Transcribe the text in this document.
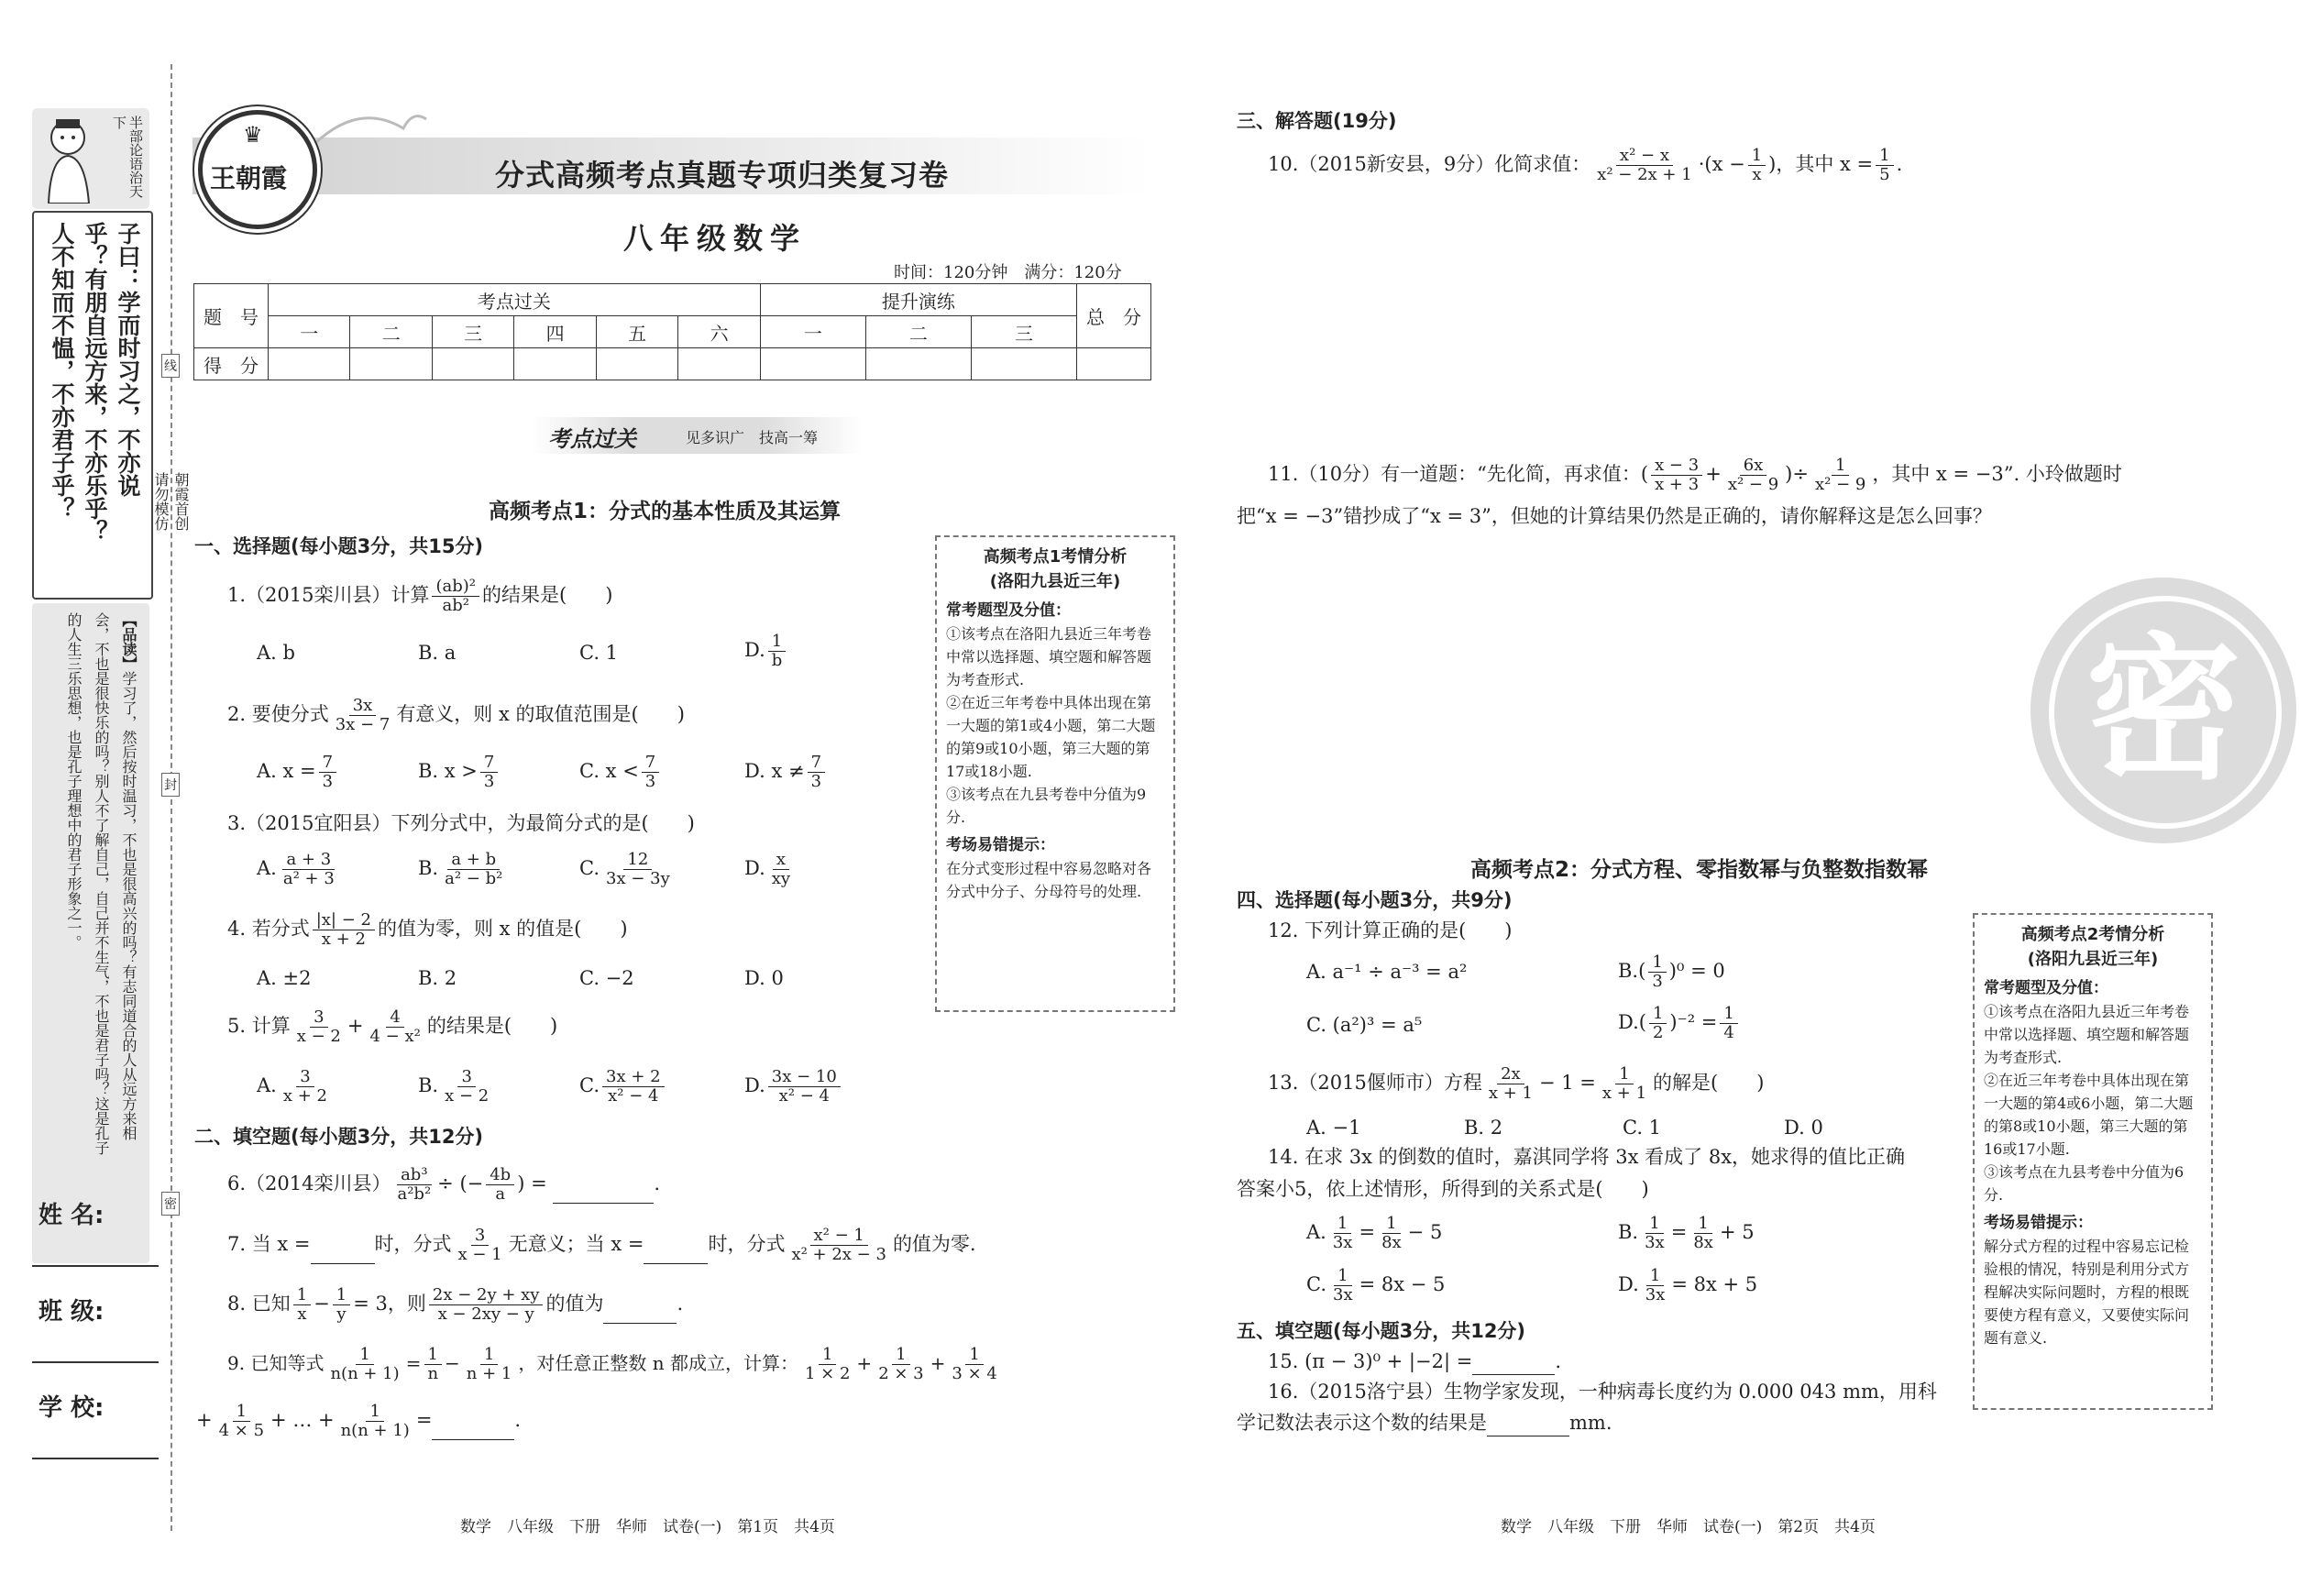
半部论语治天下
子曰：学而时习之，不亦说
乎？有朋自远方来，不亦乐乎？
人不知而不愠，不亦君子乎？
【品读】学习了，然后按时温习，不也是很高兴的吗？有志同道合的人从远方来相
会，不也是很快乐的吗？别人不了解自己，自己并不生气，不也是君子吗？这是孔子
的人生三乐思想，也是孔子理想中的君子形象之一。
朝霞首创
请勿模仿
线
封
密
姓 名:
班 级:
学 校:
♛
王朝霞	分式高频考点真题专项归类复习卷
八年级数学
时间：120分钟　满分：120分
题　号	考点过关						提升演练			总　分
	一	二	三	四	五	六	一	二	三	
得　分										
考点过关	见多识广　技高一筹
高频考点1：分式的基本性质及其运算
一、选择题(每小题3分，共15分)
1.（2015栾川县）计算 $\frac{\text{(ab)²}}{\text{ab²}}$ 的结果是(　　)
A. b	B. a	C. 1	D. $\frac{1}{b}$
2. 要使分式 $\frac{3x}{3x - 7}$ 有意义，则 x 的取值范围是(　　)
A. $x = \frac{7}{3}$	B. $x > \frac{7}{3}$	C. $x < \frac{7}{3}$	D. $x \ne \frac{7}{3}$
3.（2015宜阳县）下列分式中，为最简分式的是(　　)
A. $\frac{a + 3}{\text{a² + 3}}$	B. $\frac{a + b}{\text{a² − b²}}$	C. $\frac{12}{3x - 3y}$	D. $\frac{x}{xy}$
4. 若分式 $\frac{|x| - 2}{x + 2}$ 的值为零，则 x 的值是(　　)
A. ±2	B. 2	C. −2	D. 0
5. 计算 $\frac{3}{x - 2} + \frac{4}{\text{4 − x²}}$ 的结果是(　　)
A. $\frac{3}{x + 2}$	B. $\frac{3}{x - 2}$	C. $\frac{3x + 2}{\text{x² − 4}}$	D. $\frac{3x - 10}{\text{x² − 4}}$
二、填空题(每小题3分，共12分)
6.（2014栾川县） $\frac{\text{ab³}}{\text{a²b²}}$ ÷ (− $\frac{4b}{a}$ ) =	.
7. 当 x =	时，分式 $\frac{3}{x - 1}$ 无意义；当 x =	时，分式 $\frac{\text{x² − 1}}{\text{x² + 2x − 3}}$ 的值为零.
8. 已知 $\frac{1}{x} - \frac{1}{y} = 3$，则 $\frac{2x - 2y + xy}{x - 2xy - y}$ 的值为	.
9. 已知等式 $\frac{1}{n(n + 1)} = \frac{1}{n} - \frac{1}{n + 1}$ ，对任意正整数 n 都成立，计算： $\frac{1}{1 \times 2} + \frac{1}{2 \times 3} + \frac{1}{3 \times 4}$
+ $\frac{1}{4 \times 5}$ + … + $\frac{1}{n(n + 1)}$ =	.
高频考点1考情分析
(洛阳九县近三年)
常考题型及分值：
①该考点在洛阳九县近三年考卷中常以选择题、填空题和解答题为考查形式.
②在近三年考卷中具体出现在第一大题的第1或4小题，第二大题的第9或10小题，第三大题的第17或18小题.
③该考点在九县考卷中分值为9分.
考场易错提示：
在分式变形过程中容易忽略对各分式中分子、分母符号的处理.
三、解答题(19分)
10.（2015新安县，9分）化简求值： $\frac{\text{x² − x}}{\text{x² − 2x + 1}} \cdot(x - \frac{1}{x}$ )，其中 $x = \frac{1}{5}$ .
11.（10分）有一道题：“先化简，再求值：( $\frac{x - 3}{x + 3} + \frac{6x}{\text{x² − 9}}$ )÷ $\frac{1}{\text{x² − 9}}$ ，其中 x = −3”. 小玲做题时
把“x = −3”错抄成了“x = 3”，但她的计算结果仍然是正确的，请你解释这是怎么回事？
密
高频考点2：分式方程、零指数幂与负整数指数幂
四、选择题(每小题3分，共9分)
12. 下列计算正确的是(　　)
A. a⁻¹ ÷ a⁻³ = a²	$B.( \frac{1}{3} )^0 = 0$
C. (a²)³ = a⁵	$D.( \frac{1}{2} )^{-2} = \frac{1}{4}$
13.（2015偃师市）方程 $\frac{2x}{x + 1} - 1 = \frac{1}{x + 1}$ 的解是(　　)
A. −1	B. 2	C. 1	D. 0
14. 在求 3x 的倒数的值时，嘉淇同学将 3x 看成了 8x，她求得的值比正确
答案小5，依上述情形，所得到的关系式是(　　)
A. $\frac{1}{3x} = \frac{1}{8x} - 5$	B. $\frac{1}{3x} = \frac{1}{8x} + 5$
C. $\frac{1}{3x} = 8x - 5$	D. $\frac{1}{3x} = 8x + 5$
五、填空题(每小题3分，共12分)
15. (π − 3)⁰ + |−2| =	.
16.（2015洛宁县）生物学家发现，一种病毒长度约为 0.000 043 mm，用科
学记数法表示这个数的结果是	mm.
高频考点2考情分析
(洛阳九县近三年)
常考题型及分值：
①该考点在洛阳九县近三年考卷中常以选择题、填空题和解答题为考查形式.
②在近三年考卷中具体出现在第一大题的第4或6小题，第二大题的第8或10小题，第三大题的第16或17小题.
③该考点在九县考卷中分值为6分.
考场易错提示：
解分式方程的过程中容易忘记检验根的情况，特别是利用分式方程解决实际问题时，方程的根既要使方程有意义，又要使实际问题有意义.
数学　八年级　下册　华师　试卷(一)　第1页　共4页	数学　八年级　下册　华师　试卷(一)　第2页　共4页
